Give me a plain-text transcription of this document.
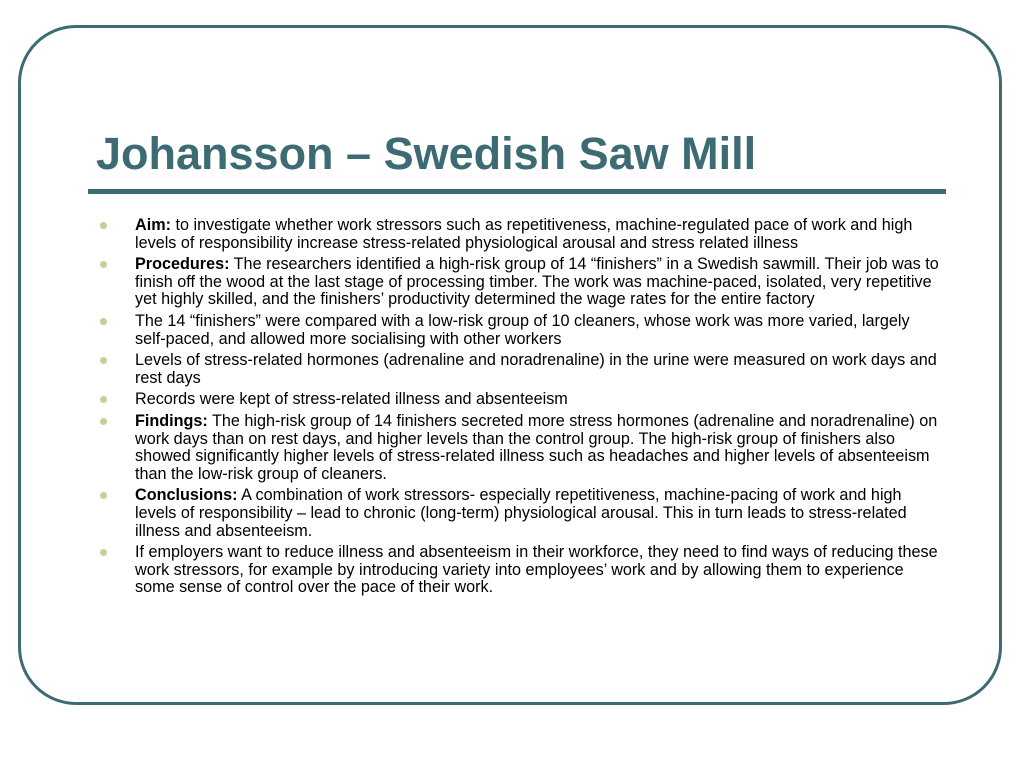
Johansson – Swedish Saw Mill
Aim: to investigate whether work stressors such as repetitiveness, machine-regulated pace of work and high levels of responsibility increase stress-related physiological arousal and stress related illness
Procedures: The researchers identified a high-risk group of 14 “finishers” in a Swedish sawmill. Their job was to finish off the wood at the last stage of processing timber. The work was machine-paced, isolated, very repetitive yet highly skilled, and the finishers’ productivity determined the wage rates for the entire factory
The 14 “finishers” were compared with a low-risk group of 10 cleaners, whose work was more varied, largely self-paced, and allowed more socialising with other workers
Levels of stress-related hormones (adrenaline and noradrenaline) in the urine were measured on work days and rest days
Records were kept of stress-related illness and absenteeism
Findings: The high-risk group of 14 finishers secreted more stress hormones (adrenaline and noradrenaline) on work days than on rest days, and higher levels than the control group. The high-risk group of finishers also showed significantly higher levels of stress-related illness such as headaches and higher levels of absenteeism than the low-risk group of cleaners.
Conclusions: A combination of work stressors- especially repetitiveness, machine-pacing of work and high levels of responsibility – lead to chronic (long-term) physiological arousal. This in turn leads to stress-related illness and absenteeism.
If employers want to reduce illness and absenteeism in their workforce, they need to find ways of reducing these work stressors, for example by introducing variety into employees’ work and by allowing them to experience some sense of control over the pace of their work.
